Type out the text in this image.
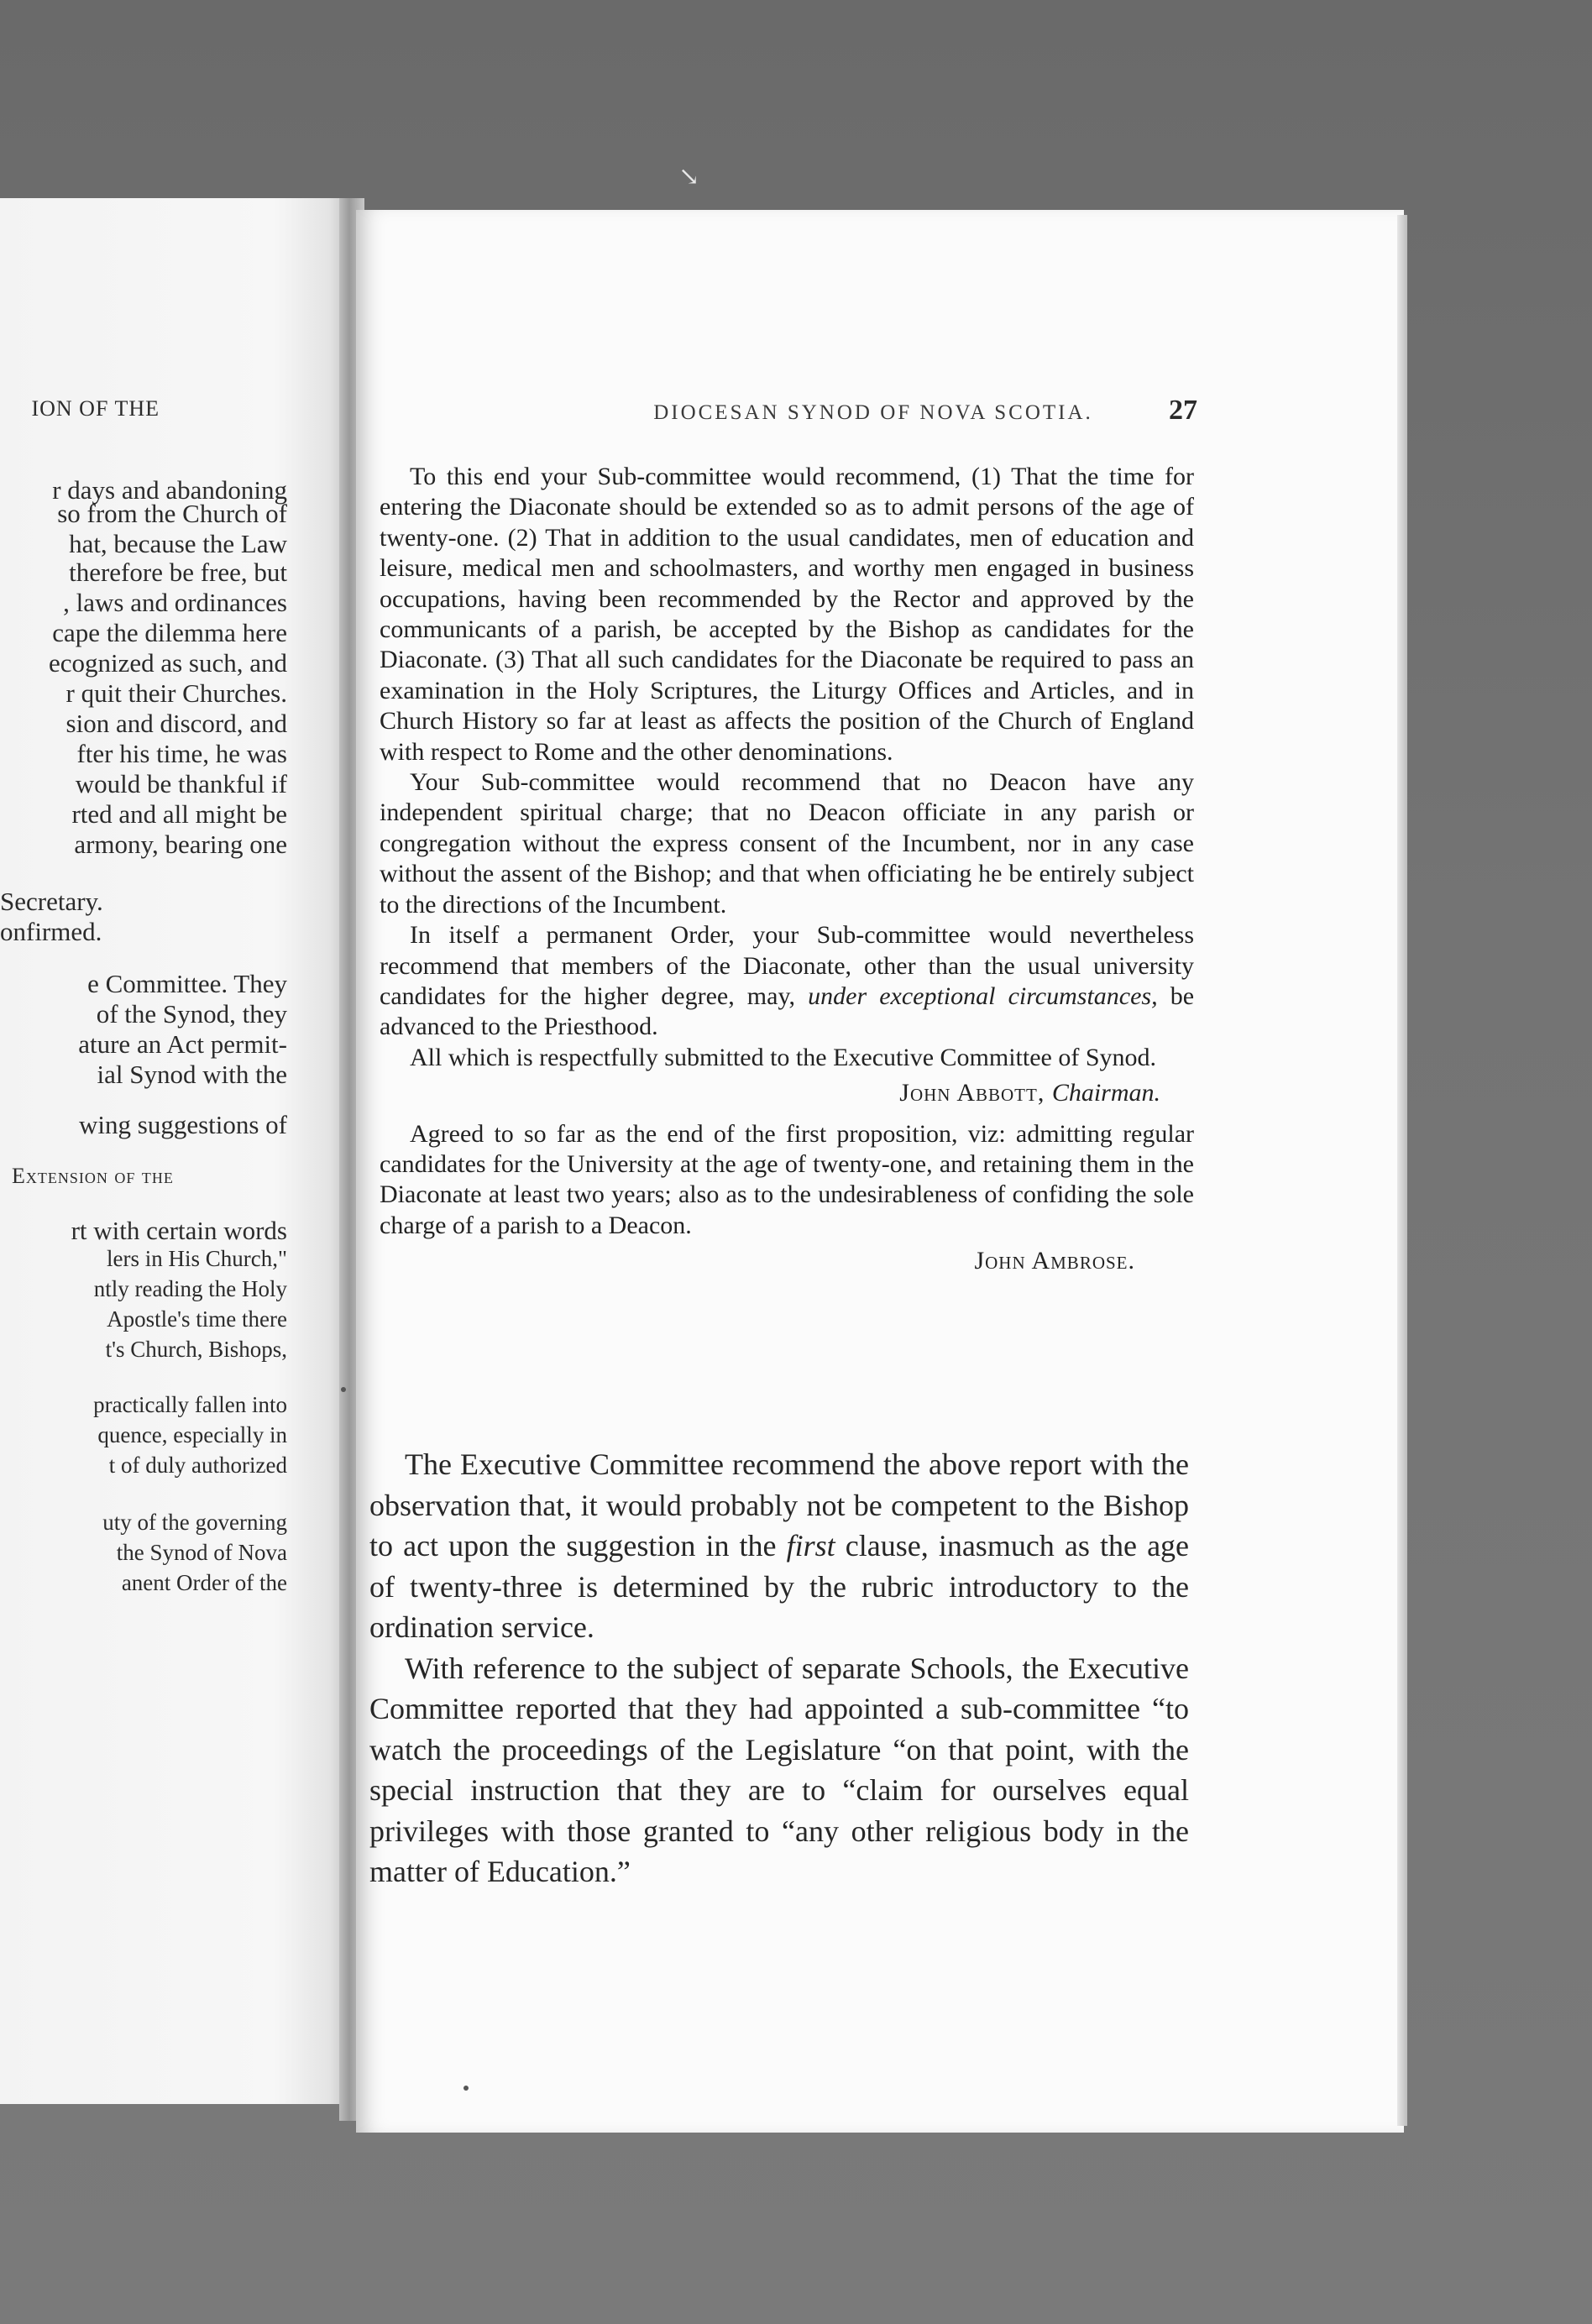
↘
ION OF THE
r days and abandoning
so from the Church of
hat, because the Law
therefore be free, but
, laws and ordinances
cape the dilemma here
ecognized as such, and
r quit their Churches.
sion and discord, and
fter his time, he was
would be thankful if
rted and all might be
armony, bearing one
Secretary.
onfirmed.
e Committee. They
of the Synod, they
ature an Act permit-
ial Synod with the
wing suggestions of
Extension of the
rt with certain words
lers in His Church,"
ntly reading the Holy
Apostle's time there
t's Church, Bishops,
practically fallen into
quence, especially in
t of duly authorized
uty of the governing
the Synod of Nova
anent Order of the
DIOCESAN SYNOD OF NOVA SCOTIA.	27

To this end your Sub-committee would recommend, (1) That the time for entering the Diaconate should be extended so as to admit persons of the age of twenty-one. (2) That in addition to the usual candidates, men of education and leisure, medical men and schoolmasters, and worthy men engaged in business occupations, having been recommended by the Rector and approved by the communicants of a parish, be accepted by the Bishop as candidates for the Diaconate. (3) That all such candidates for the Diaconate be required to pass an examination in the Holy Scriptures, the Liturgy Offices and Articles, and in Church History so far at least as affects the position of the Church of England with respect to Rome and the other denominations.

Your Sub-committee would recommend that no Deacon have any independent spiritual charge; that no Deacon officiate in any parish or congregation without the express consent of the Incumbent, nor in any case without the assent of the Bishop; and that when officiating he be entirely subject to the directions of the Incumbent.

In itself a permanent Order, your Sub-committee would nevertheless recommend that members of the Diaconate, other than the usual university candidates for the higher degree, may, under exceptional circumstances, be advanced to the Priesthood.

All which is respectfully submitted to the Executive Committee of Synod.

John Abbott, Chairman.

Agreed to so far as the end of the first proposition, viz: admitting regular candidates for the University at the age of twenty-one, and retaining them in the Diaconate at least two years; also as to the undesirableness of confiding the sole charge of a parish to a Deacon.

John Ambrose.

The Executive Committee recommend the above report with the observation that, it would probably not be competent to the Bishop to act upon the suggestion in the first clause, inasmuch as the age of twenty-three is determined by the rubric introductory to the ordination service.

With reference to the subject of separate Schools, the Executive Committee reported that they had appointed a sub-committee “to watch the proceedings of the Legislature “on that point, with the special instruction that they are to “claim for ourselves equal privileges with those granted to “any other religious body in the matter of Education.”
